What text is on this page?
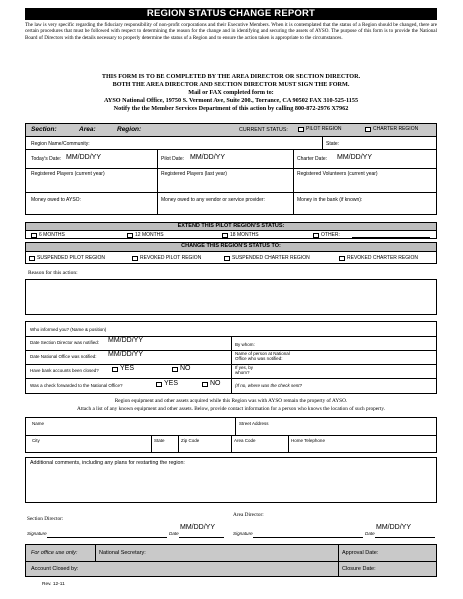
REGION STATUS CHANGE REPORT
The law is very specific regarding the fiduciary responsibility of non-profit corporations and their Executive Members. When it is contemplated that the status of a Region should be changed, there are certain procedures that must be followed with respect to determining the reason for the change and in identifying and securing the assets of AYSO. The purpose of this form is to provide the National Board of Directors with the details necessary to properly determine the status of a Region and to ensure the action taken is appropriate to the circumstances.
THIS FORM IS TO BE COMPLETED BY THE AREA DIRECTOR OR SECTION DIRECTOR.
BOTH THE AREA DIRECTOR AND SECTION DIRECTOR MUST SIGN THE FORM.
Mail or FAX completed form to:
AYSO National Office, 19750 S. Vermont Ave, Suite 200., Torrance, CA 90502 FAX 310-525-1155
Notify the the Member Services Department of this action by calling 800-872-2976 X7962
Section:	Area:	Region:	CURRENT STATUS:	PILOT REGION	CHARTER REGION
Region Name/Community:	State:
Today's Date: MM/DD/YY	Pilot Date: MM/DD/YY	Charter Date: MM/DD/YY
Registered Players (current year)	Registered Players (last year)	Registered Volunteers (current year)
Money owed to AYSO:	Money owed to any vendor or service provider:	Money in the bank (if known):
EXTEND THIS PILOT REGION'S STATUS:
6 MONTHS	12 MONTHS	18 MONTHS	OTHER:
CHANGE THIS REGION'S STATUS TO:
SUSPENDED PILOT REGION	REVOKED PILOT REGION	SUSPENDED CHARTER REGION	REVOKED CHARTER REGION
Reason for this action:
Who informed you? (Name & position)
Date Section Director was notified: MM/DD/YY
By whom:
Date National Office was notified: MM/DD/YY	Name of person at National Office who was notified:
Have bank accounts been closed?	YES	NO	If yes, by whom?
Was a check forwarded to the National Office?	YES	NO	(If no, where was the check sent?
Region equipment and other assets acquired while this Region was with AYSO remain the property of AYSO.
Attach a list of any known equipment and other assets. Below, provide contact information for a person who knows the location of such property.
Name	Street Address
City	State	Zip Code	Area Code	Home Telephone
Additional comments, including any plans for restarting the region:
Section Director:
Area Director:
Signature	Date
MM/DD/YY
Signature	Date
MM/DD/YY
For office use only:	National Secretary:	Approval Date:
Account Closed by:	Closure Date:
Rev. 12-11
